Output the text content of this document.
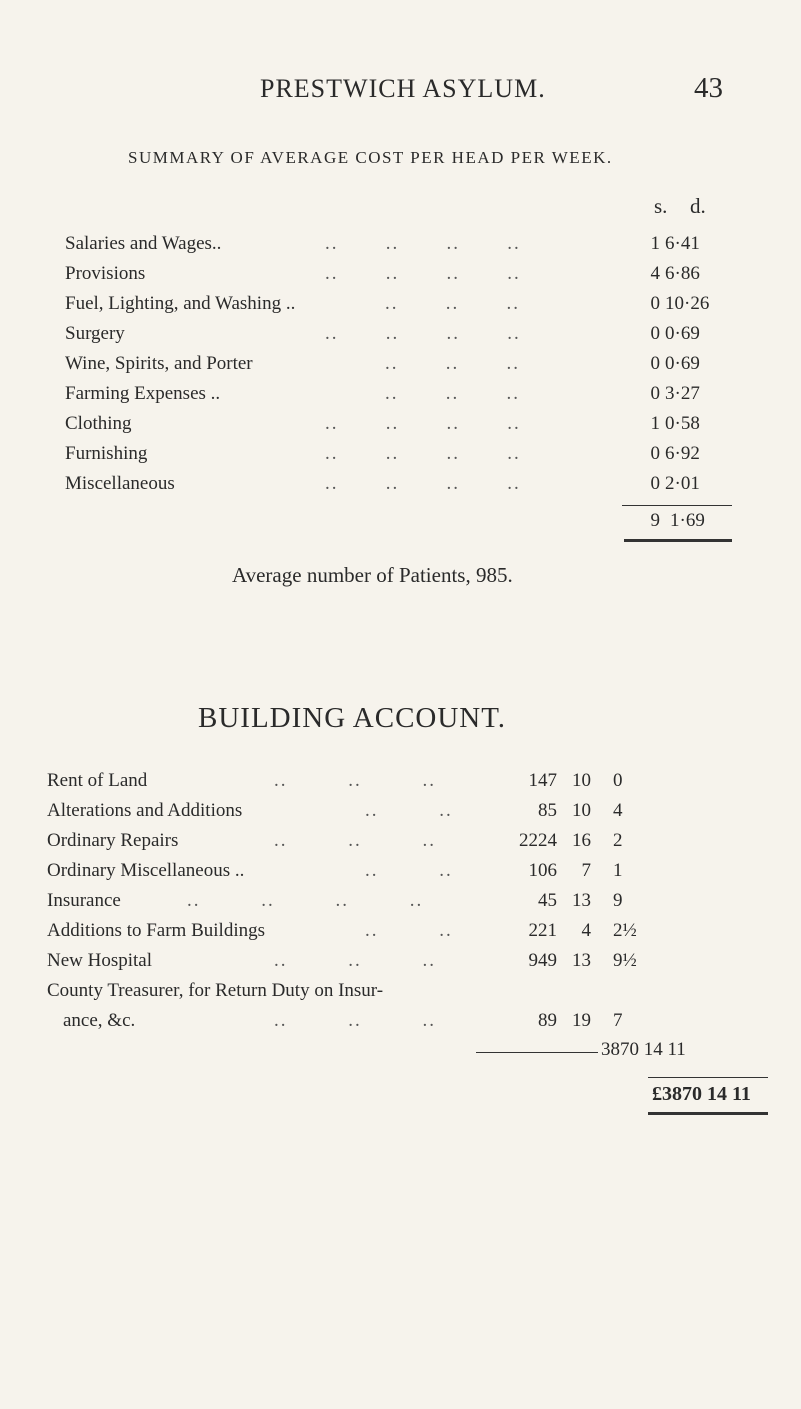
PRESTWICH ASYLUM.	43
SUMMARY OF AVERAGE COST PER HEAD PER WEEK.
s. d.
Salaries and Wages..	..       ..       ..       ..	1 6·41
Provisions	..       ..       ..       ..	4 6·86
Fuel, Lighting, and Washing ..	..       ..       ..	0 10·26
Surgery	..       ..       ..       ..	0 0·69
Wine, Spirits, and Porter	..       ..       ..	0 0·69
Farming Expenses ..	..       ..       ..	0 3·27
Clothing	..       ..       ..       ..	1 0·58
Furnishing	..       ..       ..       ..	0 6·92
Miscellaneous	..       ..       ..       ..	0 2·01
9 1·69
Average number of Patients, 985.
BUILDING ACCOUNT.
Rent of Land	..         ..         ..	147 10 0
Alterations and Additions	..         ..	85 10 4
Ordinary Repairs	..         ..         ..	2224 16 2
Ordinary Miscellaneous ..	..         ..	106	7 1
Insurance	..         ..         ..         ..	45 13 9
Additions to Farm Buildings	..         ..	221	4 2½
New Hospital	..         ..         ..	949 13 9½
County Treasurer, for Return Duty on Insur-
ance, &c.	..         ..         ..	89 19 7
3870 14 11
£3870 14 11
